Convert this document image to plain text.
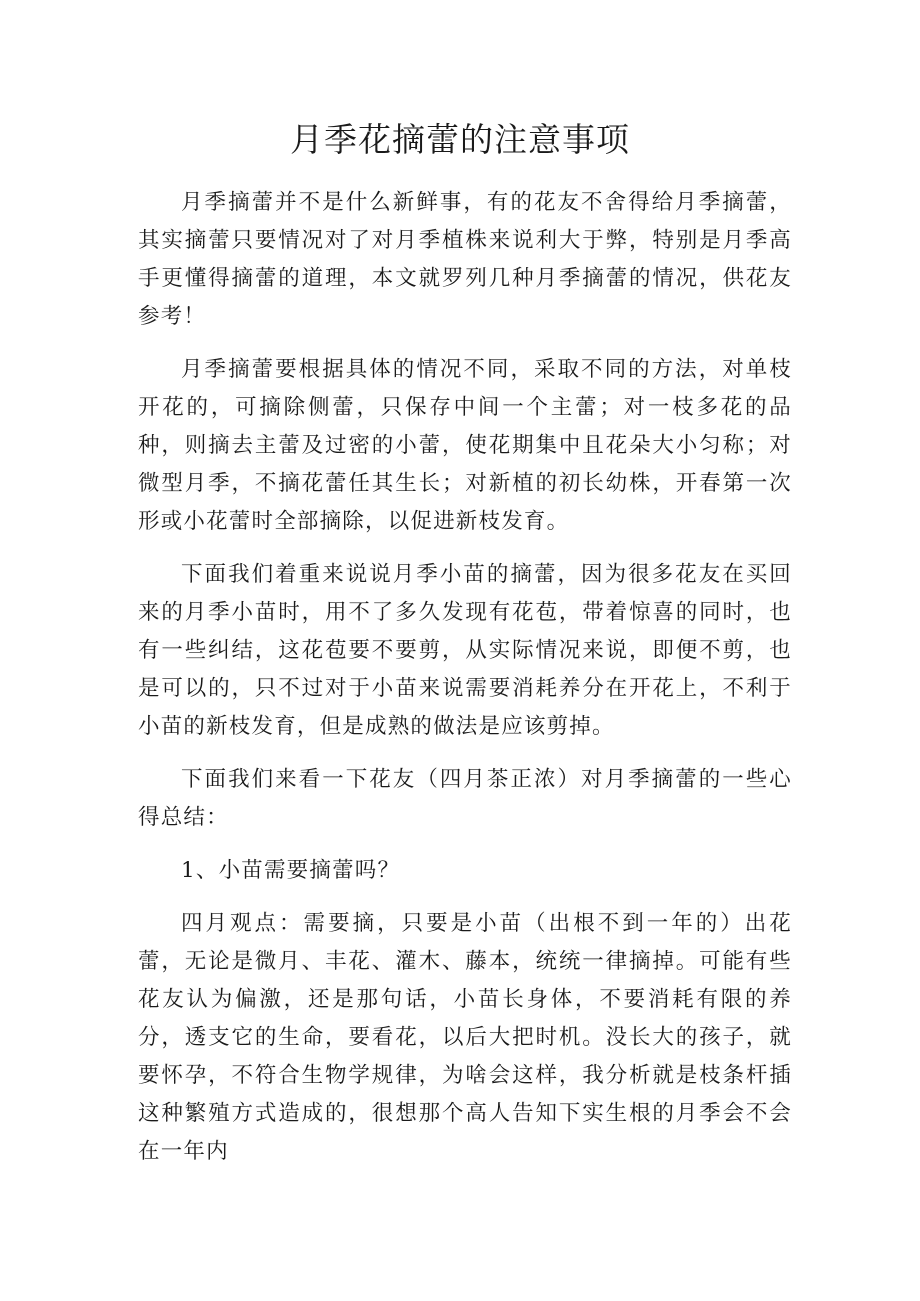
月季花摘蕾的注意事项

月季摘蕾并不是什么新鲜事，有的花友不舍得给月季摘蕾，其实摘蕾只要情况对了对月季植株来说利大于弊，特别是月季高手更懂得摘蕾的道理，本文就罗列几种月季摘蕾的情况，供花友参考！

月季摘蕾要根据具体的情况不同，采取不同的方法，对单枝开花的，可摘除侧蕾，只保存中间一个主蕾；对一枝多花的品种，则摘去主蕾及过密的小蕾，使花期集中且花朵大小匀称；对微型月季，不摘花蕾任其生长；对新植的初长幼株，开春第一次形或小花蕾时全部摘除，以促进新枝发育。

下面我们着重来说说月季小苗的摘蕾，因为很多花友在买回来的月季小苗时，用不了多久发现有花苞，带着惊喜的同时，也有一些纠结，这花苞要不要剪，从实际情况来说，即便不剪，也是可以的，只不过对于小苗来说需要消耗养分在开花上，不利于小苗的新枝发育，但是成熟的做法是应该剪掉。

下面我们来看一下花友（四月茶正浓）对月季摘蕾的一些心得总结：

1、小苗需要摘蕾吗？

四月观点：需要摘，只要是小苗（出根不到一年的）出花蕾，无论是微月、丰花、灌木、藤本，统统一律摘掉。可能有些花友认为偏激，还是那句话，小苗长身体，不要消耗有限的养分，透支它的生命，要看花，以后大把时机。没长大的孩子，就要怀孕，不符合生物学规律，为啥会这样，我分析就是枝条杆插这种繁殖方式造成的，很想那个高人告知下实生根的月季会不会在一年内
